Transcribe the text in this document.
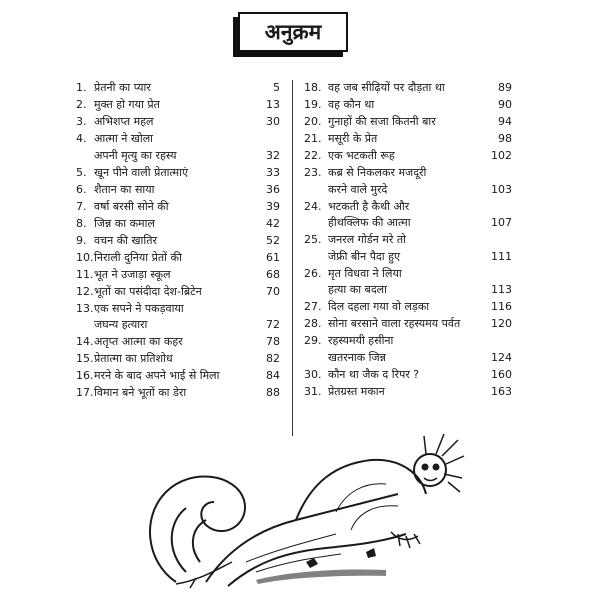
अनुक्रम
1. प्रेतनी का प्यार	5
2. मुक्त हो गया प्रेत	13
3. अभिशप्त महल	30
4. आत्मा ने खोला
अपनी मृत्यु का रहस्य	32
5. खून पीने वाली प्रेतात्माएं	33
6. शैतान का साया	36
7. वर्षा बरसी सोने की	39
8. जिन्न का कमाल	42
9. वचन की खातिर	52
10. निराली दुनिया प्रेतों की	61
11. भूत ने उजाड़ा स्कूल	68
12. भूतों का पसंदीदा देश-ब्रिटेन	70
13. एक सपने ने पकड़वाया
जघन्य हत्यारा	72
14. अतृप्त आत्मा का कहर	78
15. प्रेतात्मा का प्रतिशोध	82
16. मरने के बाद अपने भाई से मिला	84
17. विमान बने भूतों का डेरा	88
18. वह जब सीढ़ियों पर दौड़ता था	89
19. वह कौन था	90
20. गुनाहों की सजा कितनी बार	94
21. मसूरी के प्रेत	98
22. एक भटकती रूह	102
23. कब्र से निकलकर मजदूरी
करने वाले मुरदे	103
24. भटकती है कैथी और
हीथक्लिफ की आत्मा	107
25. जनरल गोर्डन मरे तो
जेफ्री बीन पैदा हुए	111
26. मृत विधवा ने लिया
हत्या का बदला	113
27. दिल दहला गया वो लड़का	116
28. सोना बरसाने वाला रहस्यमय पर्वत	120
29. रहस्यमयी हसीना
खतरनाक जिन्न	124
30. कौन था जैक द रिपर ?	160
31. प्रेतग्रस्त मकान	163
